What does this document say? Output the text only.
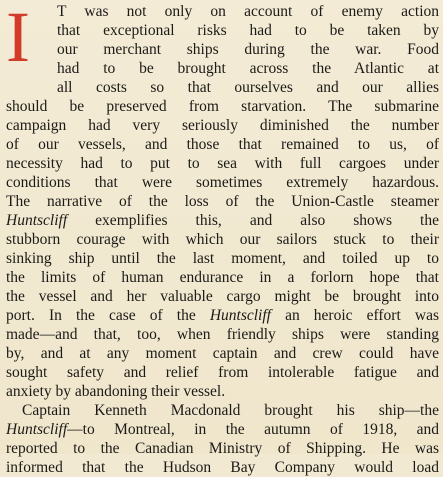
I T was not only on account of enemy action
that exceptional risks had to be taken by
our merchant ships during the war. Food
had to be brought across the Atlantic at
all costs so that ourselves and our allies
should be preserved from starvation. The submarine
campaign had very seriously diminished the number
of our vessels, and those that remained to us, of
necessity had to put to sea with full cargoes under
conditions that were sometimes extremely hazardous.
The narrative of the loss of the Union-Castle steamer
Huntscliff exemplifies this, and also shows the
stubborn courage with which our sailors stuck to their
sinking ship until the last moment, and toiled up to
the limits of human endurance in a forlorn hope that
the vessel and her valuable cargo might be brought into
port. In the case of the Huntscliff an heroic effort was
made—and that, too, when friendly ships were standing
by, and at any moment captain and crew could have
sought safety and relief from intolerable fatigue and
anxiety by abandoning their vessel.
Captain Kenneth Macdonald brought his ship—the
Huntscliff—to Montreal, in the autumn of 1918, and
reported to the Canadian Ministry of Shipping. He was
informed that the Hudson Bay Company would load
